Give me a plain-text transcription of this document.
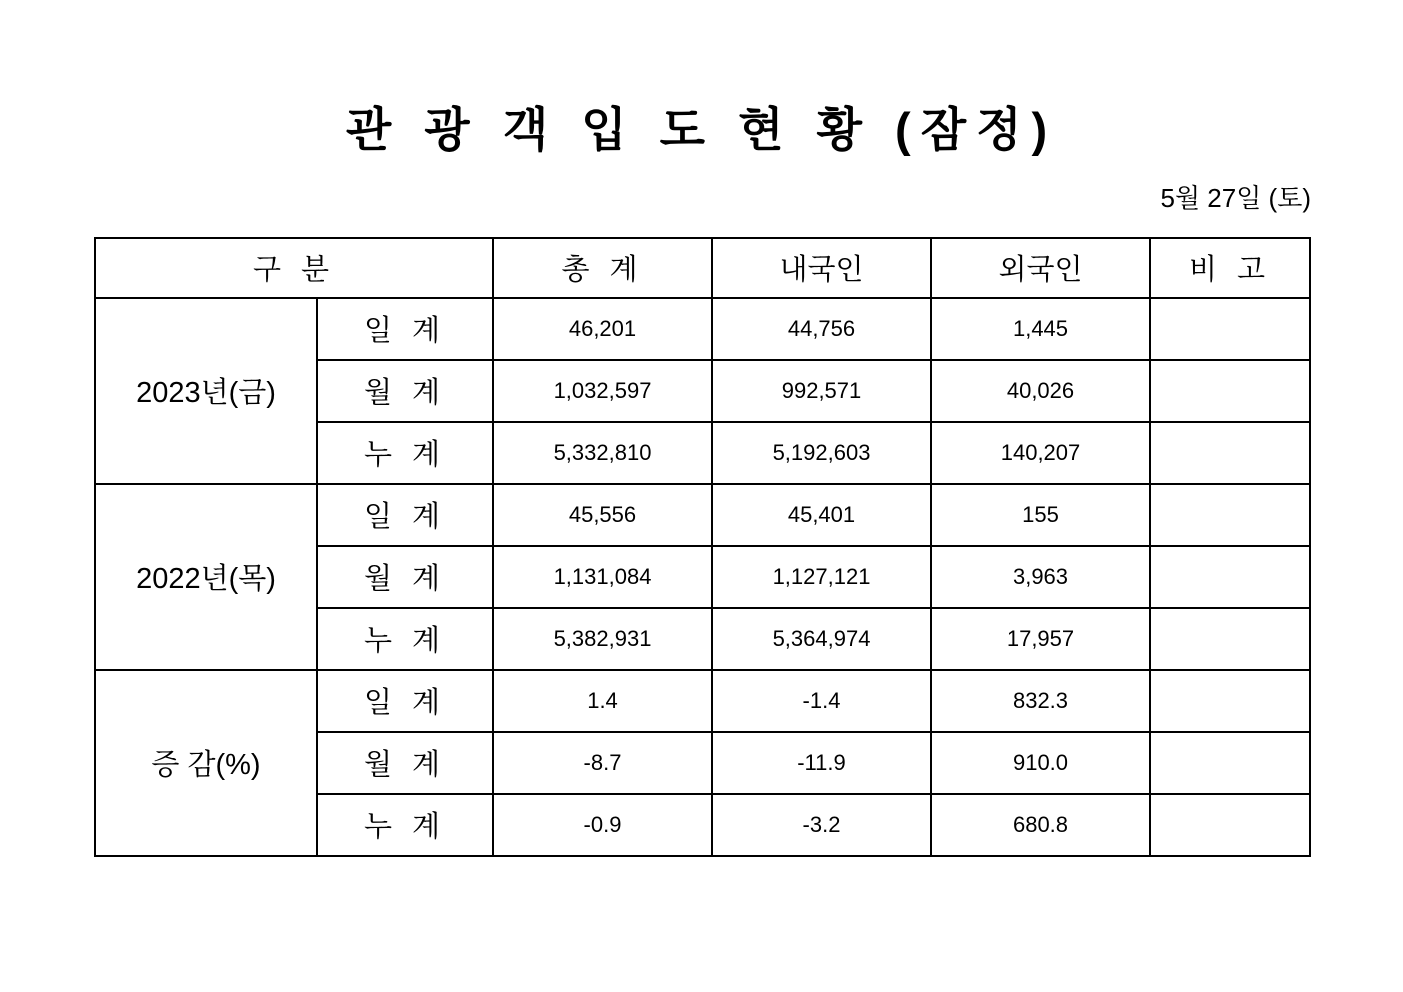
관 광 객 입 도 현 황 (잠정)
5월 27일 (토)
구 분		총 계	내국인	외국인	비 고
2023년(금)	일 계	46,201	44,756	1,445	
	월 계	1,032,597	992,571	40,026	
	누 계	5,332,810	5,192,603	140,207	
2022년(목)	일 계	45,556	45,401	155	
	월 계	1,131,084	1,127,121	3,963	
	누 계	5,382,931	5,364,974	17,957	
증 감(%)	일 계	1.4	-1.4	832.3	
	월 계	-8.7	-11.9	910.0	
	누 계	-0.9	-3.2	680.8	
